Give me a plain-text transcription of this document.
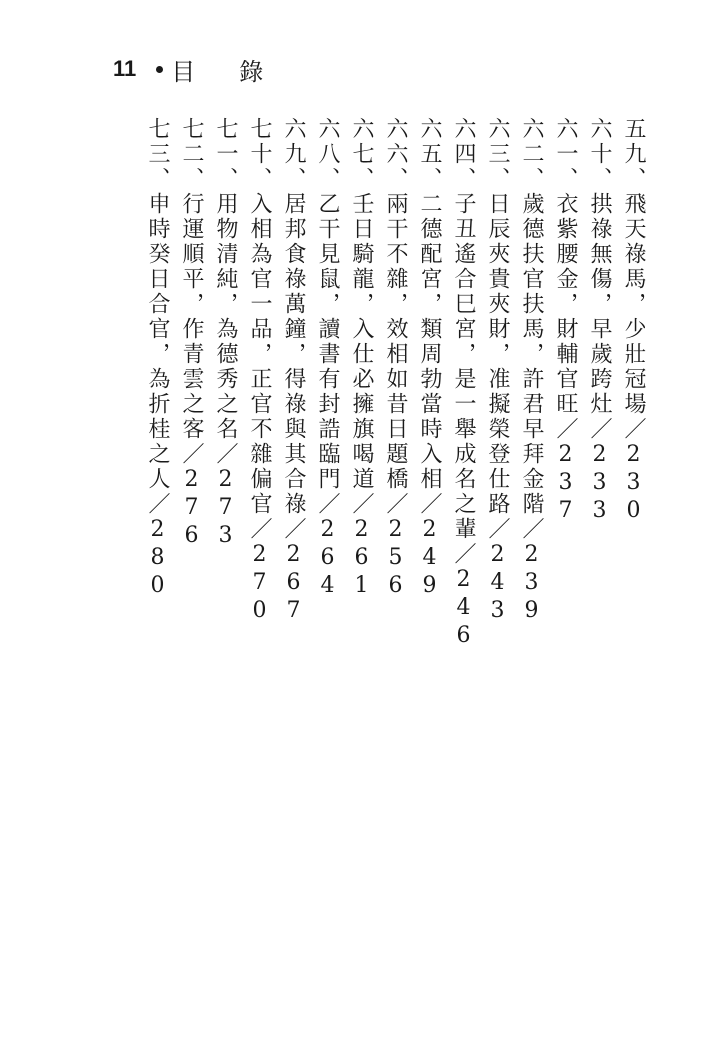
11 目錄
五九、飛天祿馬，少壯冠場／230
六十、拱祿無傷，早歲跨灶／233
六一、衣紫腰金，財輔官旺／237
六二、歲德扶官扶馬，許君早拜金階／239
六三、日辰夾貴夾財，准擬榮登仕路／243
六四、子丑遙合巳宮，是一舉成名之輩／246
六五、二德配宮，類周勃當時入相／249
六六、兩干不雜，效相如昔日題橋／256
六七、壬日騎龍，入仕必擁旗喝道／261
六八、乙干見鼠，讀書有封誥臨門／264
六九、居邦食祿萬鐘，得祿與其合祿／267
七十、入相為官一品，正官不雜偏官／270
七一、用物清純，為德秀之名／273
七二、行運順平，作青雲之客／276
七三、申時癸日合官，為折桂之人／280
